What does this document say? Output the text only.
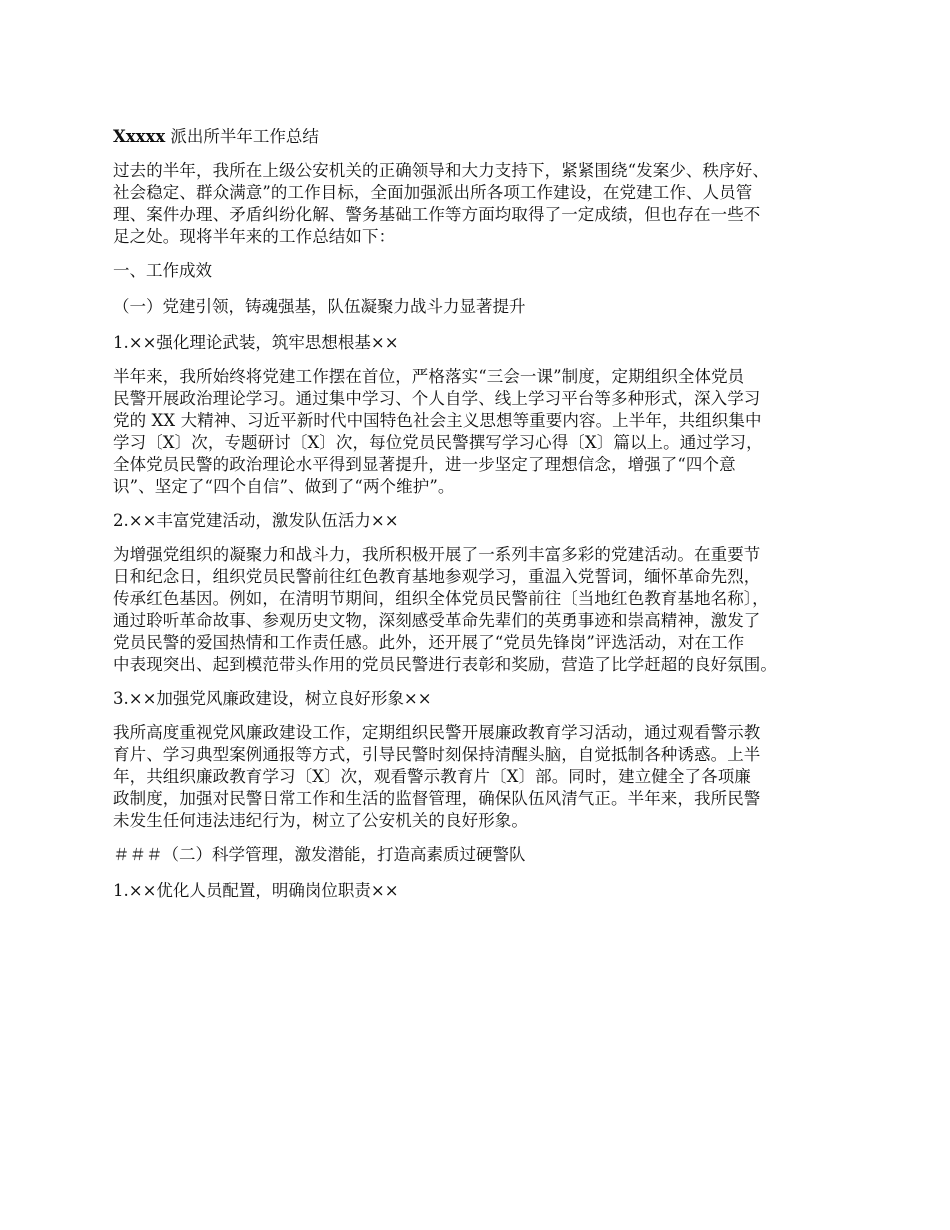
Xxxxx 派出所半年工作总结
过去的半年，我所在上级公安机关的正确领导和大力支持下，紧紧围绕“发案少、秩序好、
社会稳定、群众满意”的工作目标，全面加强派出所各项工作建设，在党建工作、人员管
理、案件办理、矛盾纠纷化解、警务基础工作等方面均取得了一定成绩，但也存在一些不
足之处。现将半年来的工作总结如下：
一、工作成效
（一）党建引领，铸魂强基，队伍凝聚力战斗力显著提升
1.××强化理论武装，筑牢思想根基××
半年来，我所始终将党建工作摆在首位，严格落实“三会一课”制度，定期组织全体党员
民警开展政治理论学习。通过集中学习、个人自学、线上学习平台等多种形式，深入学习
党的 XX 大精神、习近平新时代中国特色社会主义思想等重要内容。上半年，共组织集中
学习〔X〕次，专题研讨〔X〕次，每位党员民警撰写学习心得〔X〕篇以上。通过学习，
全体党员民警的政治理论水平得到显著提升，进一步坚定了理想信念，增强了“四个意
识”、坚定了“四个自信”、做到了“两个维护”。
2.××丰富党建活动，激发队伍活力××
为增强党组织的凝聚力和战斗力，我所积极开展了一系列丰富多彩的党建活动。在重要节
日和纪念日，组织党员民警前往红色教育基地参观学习，重温入党誓词，缅怀革命先烈，
传承红色基因。例如，在清明节期间，组织全体党员民警前往〔当地红色教育基地名称〕，
通过聆听革命故事、参观历史文物，深刻感受革命先辈们的英勇事迹和崇高精神，激发了
党员民警的爱国热情和工作责任感。此外，还开展了“党员先锋岗”评选活动，对在工作
中表现突出、起到模范带头作用的党员民警进行表彰和奖励，营造了比学赶超的良好氛围。
3.××加强党风廉政建设，树立良好形象××
我所高度重视党风廉政建设工作，定期组织民警开展廉政教育学习活动，通过观看警示教
育片、学习典型案例通报等方式，引导民警时刻保持清醒头脑，自觉抵制各种诱惑。上半
年，共组织廉政教育学习〔X〕次，观看警示教育片〔X〕部。同时，建立健全了各项廉
政制度，加强对民警日常工作和生活的监督管理，确保队伍风清气正。半年来，我所民警
未发生任何违法违纪行为，树立了公安机关的良好形象。
＃＃＃（二）科学管理，激发潜能，打造高素质过硬警队
1.××优化人员配置，明确岗位职责××
